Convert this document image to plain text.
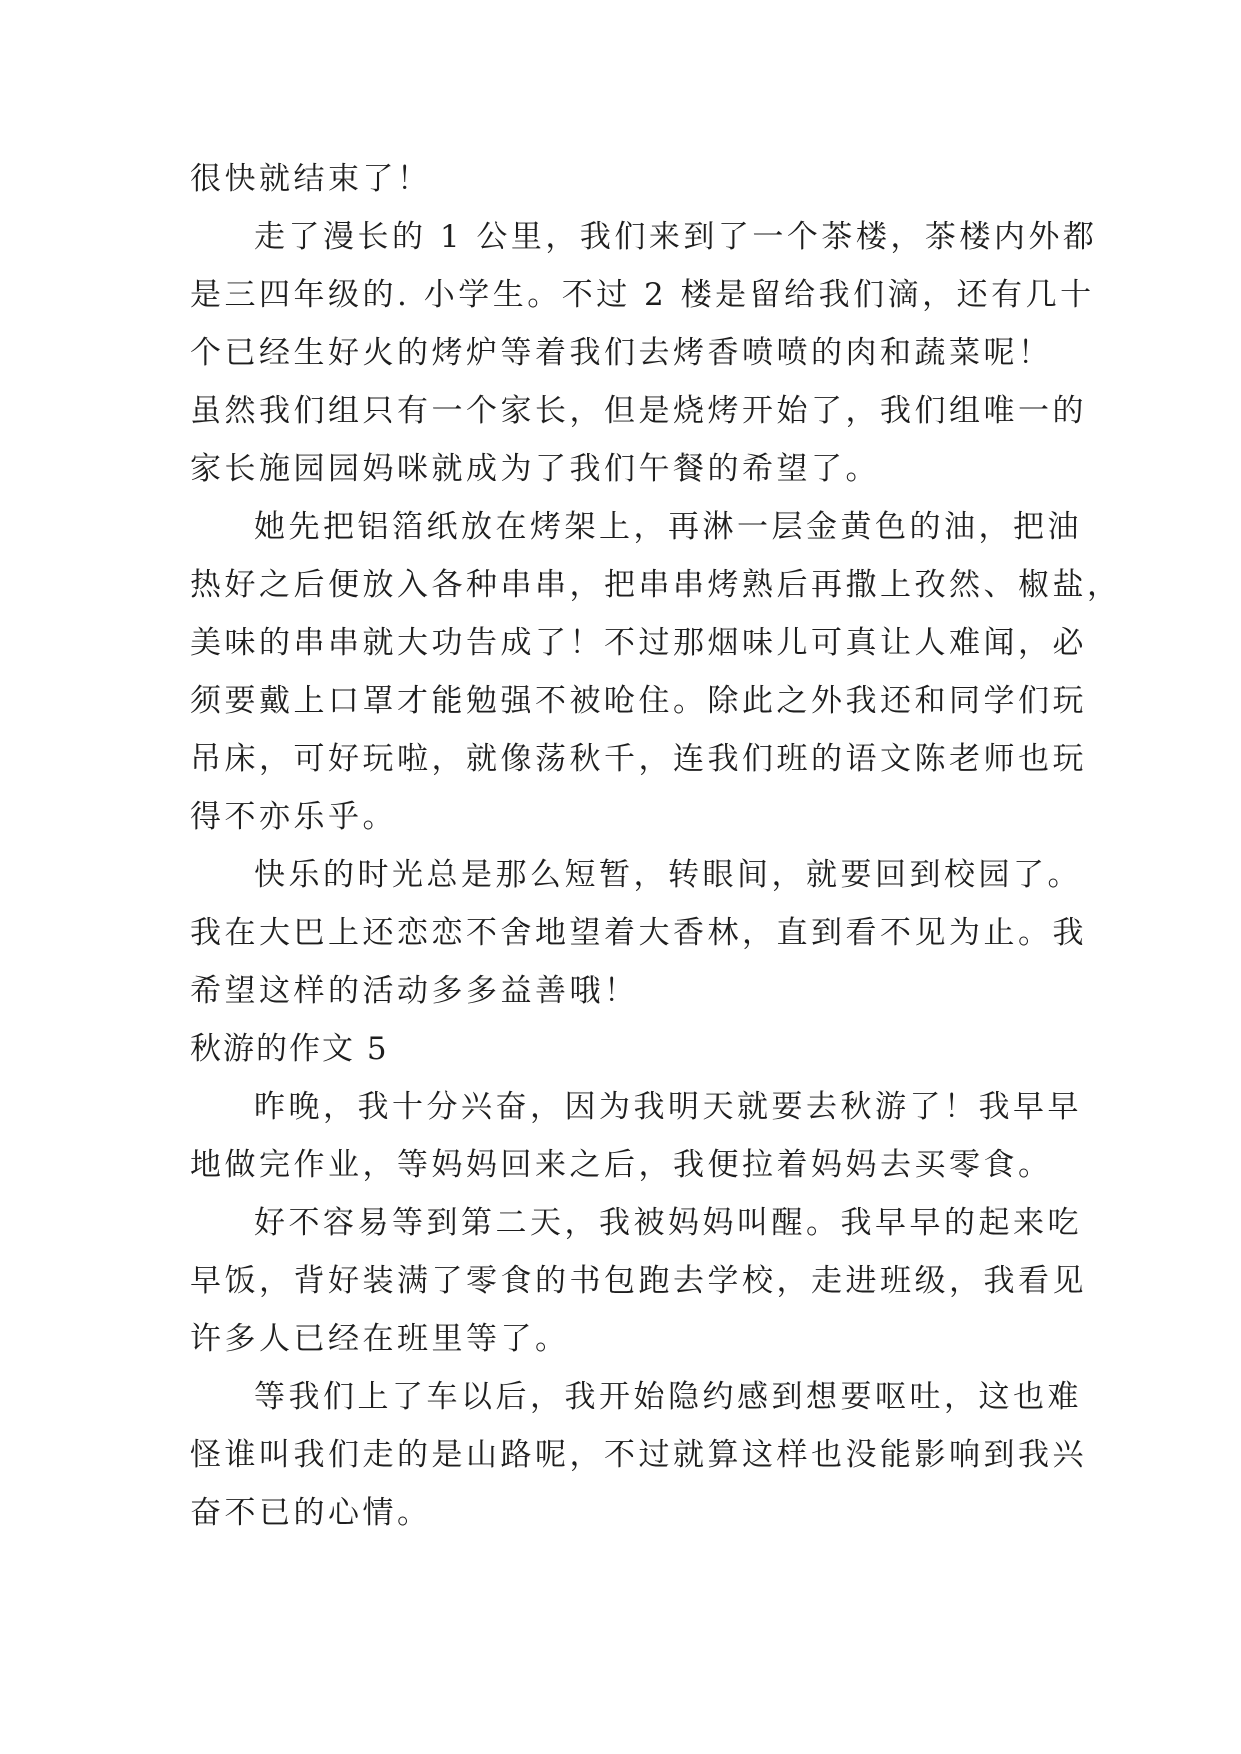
很快就结束了！
走了漫长的 1 公里，我们来到了一个茶楼，茶楼内外都
是三四年级的. 小学生。不过 2 楼是留给我们滴，还有几十
个已经生好火的烤炉等着我们去烤香喷喷的肉和蔬菜呢！
虽然我们组只有一个家长，但是烧烤开始了，我们组唯一的
家长施园园妈咪就成为了我们午餐的希望了。
她先把铝箔纸放在烤架上，再淋一层金黄色的油，把油
热好之后便放入各种串串，把串串烤熟后再撒上孜然、椒盐，
美味的串串就大功告成了！不过那烟味儿可真让人难闻，必
须要戴上口罩才能勉强不被呛住。除此之外我还和同学们玩
吊床，可好玩啦，就像荡秋千，连我们班的语文陈老师也玩
得不亦乐乎。
快乐的时光总是那么短暂，转眼间，就要回到校园了。
我在大巴上还恋恋不舍地望着大香林，直到看不见为止。我
希望这样的活动多多益善哦！
秋游的作文 5
昨晚，我十分兴奋，因为我明天就要去秋游了！我早早
地做完作业，等妈妈回来之后，我便拉着妈妈去买零食。
好不容易等到第二天，我被妈妈叫醒。我早早的起来吃
早饭，背好装满了零食的书包跑去学校，走进班级，我看见
许多人已经在班里等了。
等我们上了车以后，我开始隐约感到想要呕吐，这也难
怪谁叫我们走的是山路呢，不过就算这样也没能影响到我兴
奋不已的心情。
